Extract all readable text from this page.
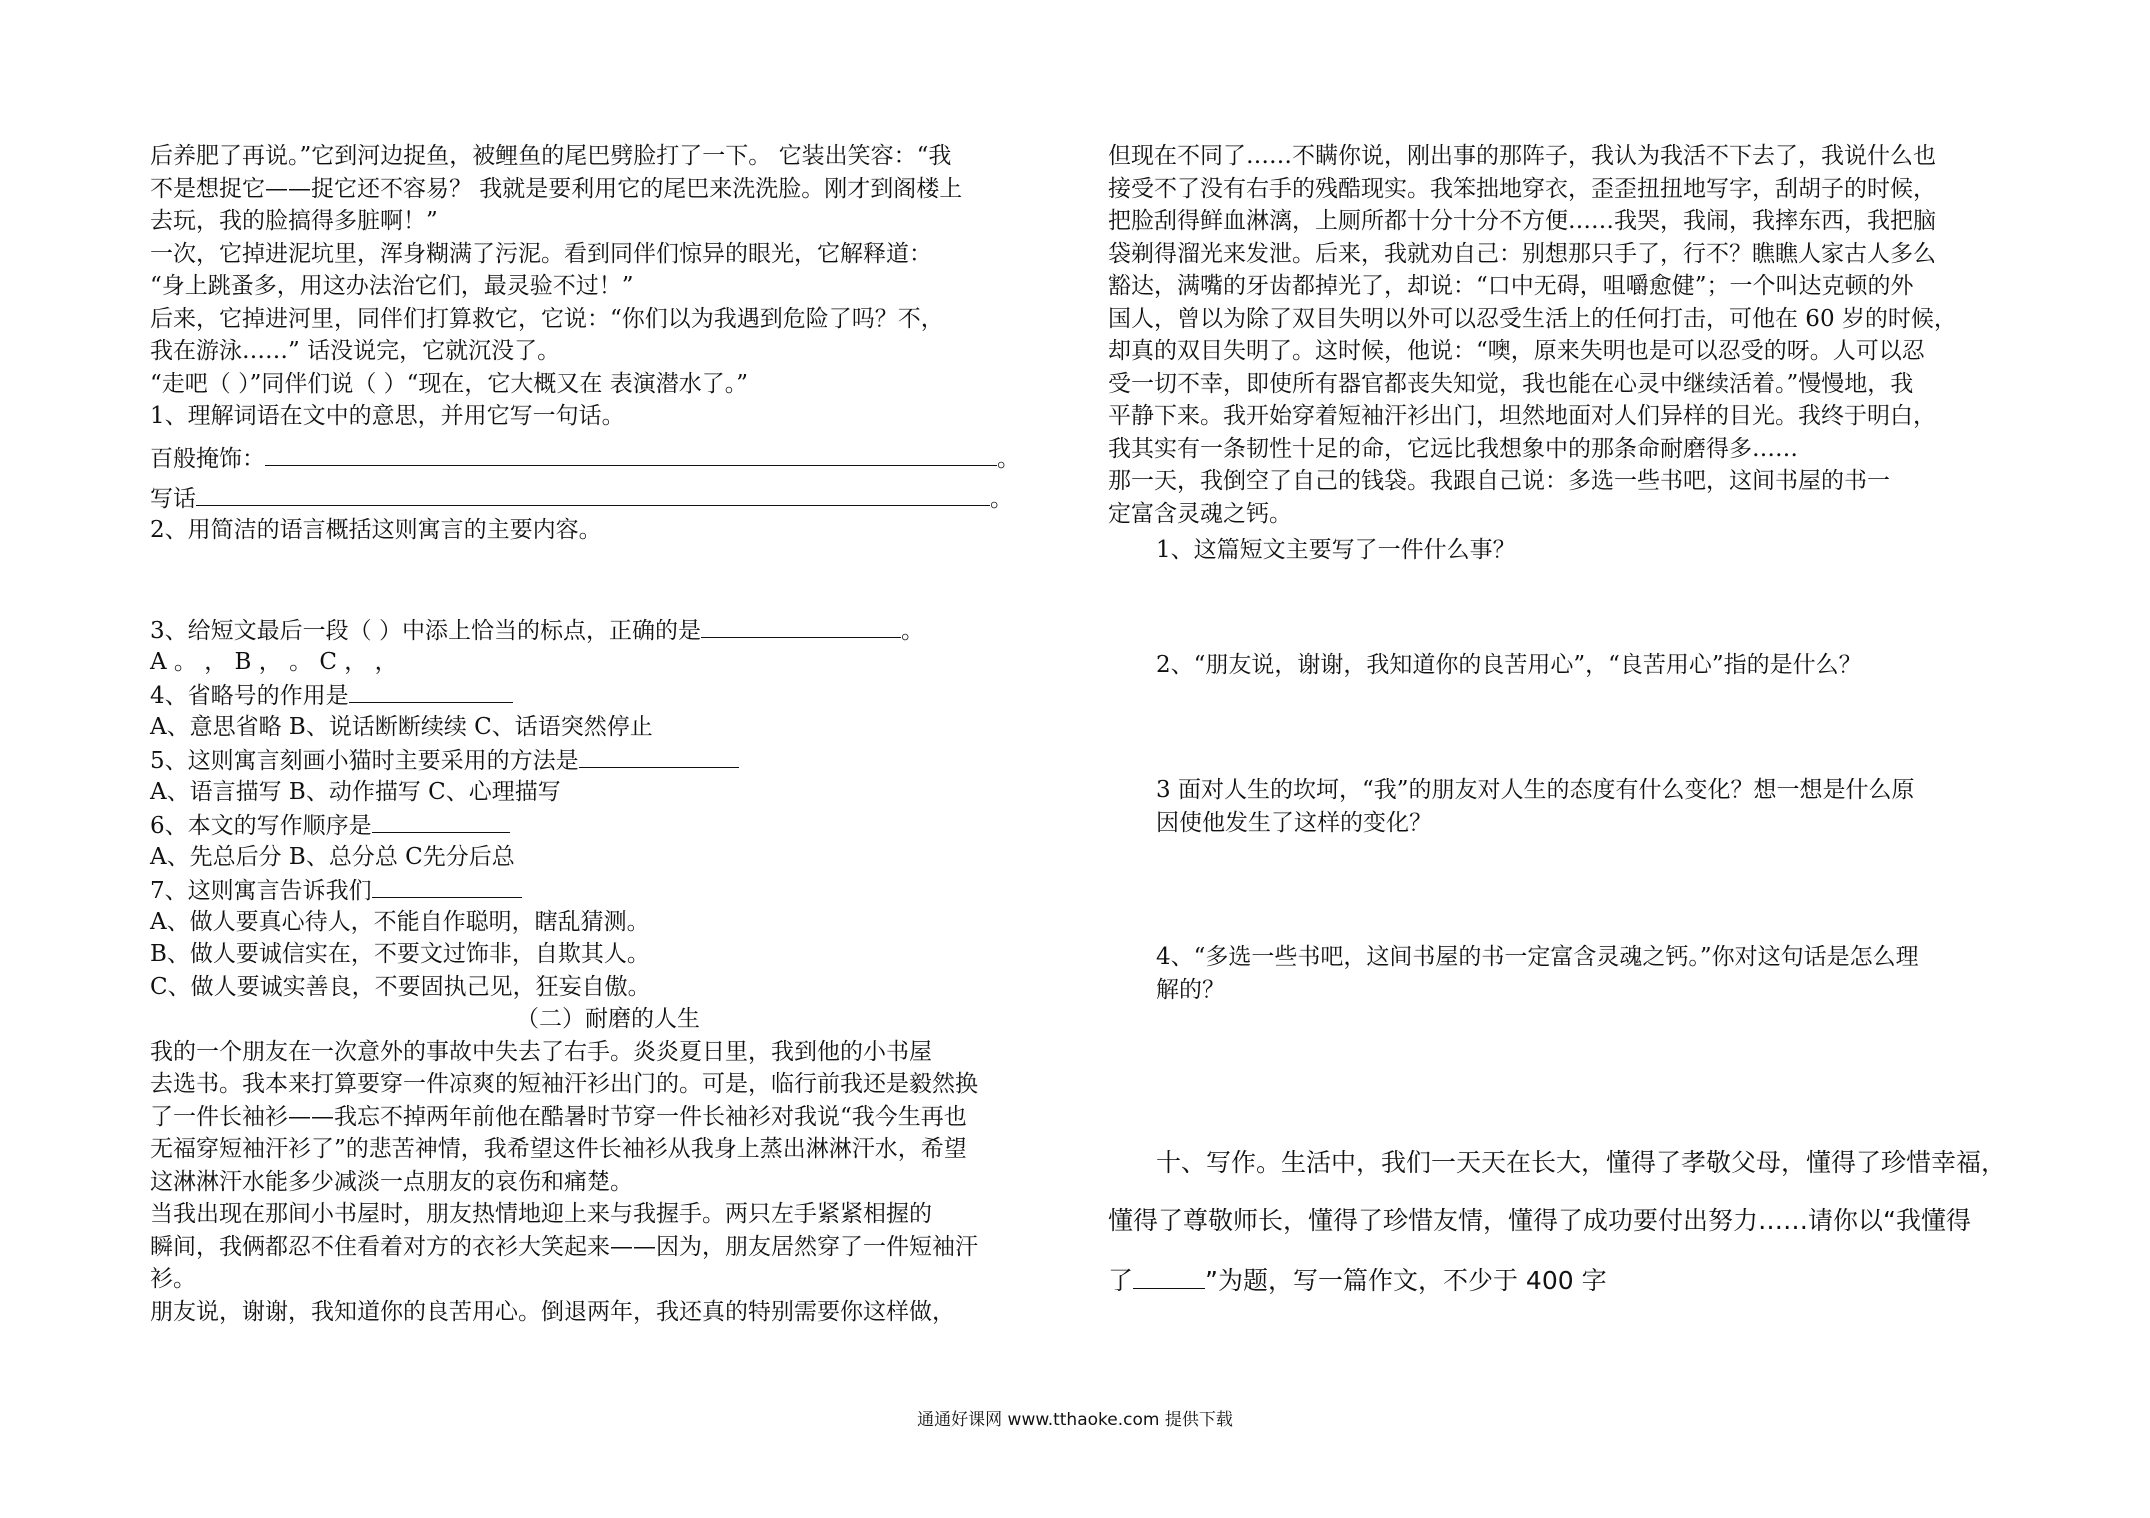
后养肥了再说。”它到河边捉鱼，被鲤鱼的尾巴劈脸打了一下。 它装出笑容：“我
不是想捉它——捉它还不容易？ 我就是要利用它的尾巴来洗洗脸。刚才到阁楼上
去玩，我的脸搞得多脏啊！”
一次，它掉进泥坑里，浑身糊满了污泥。看到同伴们惊异的眼光，它解释道：
“身上跳蚤多，用这办法治它们，最灵验不过！”
后来，它掉进河里，同伴们打算救它，它说：“你们以为我遇到危险了吗？不，
我在游泳……” 话没说完，它就沉没了。
“走吧（ ）”同伴们说（ ）“现在，它大概又在 表演潜水了。”
1、理解词语在文中的意思，并用它写一句话。
百般掩饰：	。
写话	。
2、用简洁的语言概括这则寓言的主要内容。
3、给短文最后一段（ ）中添上恰当的标点，正确的是	。
A 。 ， B ， 。 C ， ，
4、省略号的作用是
A、意思省略 B、说话断断续续 C、话语突然停止
5、这则寓言刻画小猫时主要采用的方法是
A、语言描写 B、动作描写 C、心理描写
6、本文的写作顺序是
A、先总后分 B、总分总 C先分后总
7、这则寓言告诉我们
A、做人要真心待人，不能自作聪明，瞎乱猜测。
B、做人要诚信实在，不要文过饰非，自欺其人。
C、做人要诚实善良，不要固执己见，狂妄自傲。
（二）耐磨的人生
我的一个朋友在一次意外的事故中失去了右手。炎炎夏日里，我到他的小书屋
去选书。我本来打算要穿一件凉爽的短袖汗衫出门的。可是，临行前我还是毅然换
了一件长袖衫——我忘不掉两年前他在酷暑时节穿一件长袖衫对我说“我今生再也
无福穿短袖汗衫了”的悲苦神情，我希望这件长袖衫从我身上蒸出淋淋汗水，希望
这淋淋汗水能多少减淡一点朋友的哀伤和痛楚。
当我出现在那间小书屋时，朋友热情地迎上来与我握手。两只左手紧紧相握的
瞬间，我俩都忍不住看着对方的衣衫大笑起来——因为，朋友居然穿了一件短袖汗
衫。
朋友说，谢谢，我知道你的良苦用心。倒退两年，我还真的特别需要你这样做，
但现在不同了……不瞒你说，刚出事的那阵子，我认为我活不下去了，我说什么也
接受不了没有右手的残酷现实。我笨拙地穿衣，歪歪扭扭地写字，刮胡子的时候，
把脸刮得鲜血淋漓，上厕所都十分十分不方便……我哭，我闹，我摔东西，我把脑
袋剃得溜光来发泄。后来，我就劝自己：别想那只手了，行不？瞧瞧人家古人多么
豁达，满嘴的牙齿都掉光了，却说：“口中无碍，咀嚼愈健”；一个叫达克顿的外
国人，曾以为除了双目失明以外可以忍受生活上的任何打击，可他在 60 岁的时候，
却真的双目失明了。这时候，他说：“噢，原来失明也是可以忍受的呀。人可以忍
受一切不幸，即使所有器官都丧失知觉，我也能在心灵中继续活着。”慢慢地，我
平静下来。我开始穿着短袖汗衫出门，坦然地面对人们异样的目光。我终于明白，
我其实有一条韧性十足的命，它远比我想象中的那条命耐磨得多……
那一天，我倒空了自己的钱袋。我跟自己说：多选一些书吧，这间书屋的书一
定富含灵魂之钙。
1、这篇短文主要写了一件什么事？
2、“朋友说，谢谢，我知道你的良苦用心”，“良苦用心”指的是什么？
3 面对人生的坎坷，“我”的朋友对人生的态度有什么变化？想一想是什么原
因使他发生了这样的变化？
4、“多选一些书吧，这间书屋的书一定富含灵魂之钙。”你对这句话是怎么理
解的？
十、写作。生活中，我们一天天在长大，懂得了孝敬父母，懂得了珍惜幸福，
懂得了尊敬师长，懂得了珍惜友情，懂得了成功要付出努力……请你以“我懂得
了	”为题，写一篇作文，不少于 400 字
通通好课网 www.tthaoke.com 提供下载
